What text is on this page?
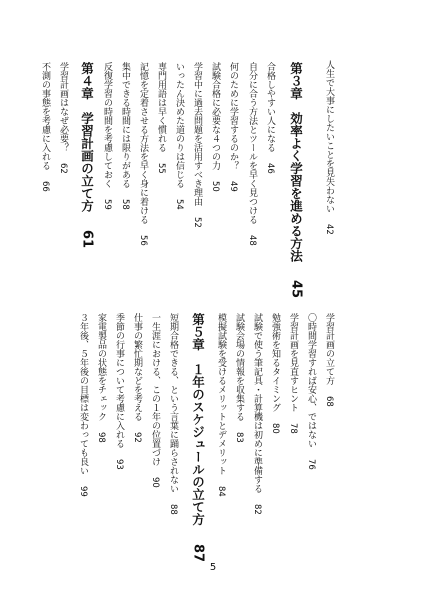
人生で大事にしたいことを見失わない 42
第３章　効率よく学習を進める方法 45
合格しやすい人になる 46
自分に合う方法とツールを早く見つける 48
何のために学習するのか？ 49
試験合格に必要な４つの力 50
学習中に過去問題を活用すべき理由 52
いったん決めた道のりは信じる 54
専門用語は早く慣れる 55
記憶を定着させる方法を早く身に着ける 56
集中できる時間には限りがある 58
反復学習の時間を考慮しておく 59
第４章　学習計画の立て方 61
学習計画はなぜ必要？ 62
不測の事態を考慮に入れる 66
学習計画の立て方 68
〇時間学習すれば安心、ではない 76
学習計画を見直すヒント 78
勉強術を知るタイミング 80
試験で使う筆記具・計算機は初めに準備する 82
試験会場の情報を収集する 83
模擬試験を受けるメリットとデメリット 84
第５章　１年のスケジュールの立て方 87
短期合格できる、という言葉に踊らされない 88
一生涯における、この１年の位置づけ 90
仕事の繁忙期などを考える 92
季節の行事について考慮に入れる 93
家電製品の状態をチェック 98
３年後、５年後の目標は変わっても良い 99
5
